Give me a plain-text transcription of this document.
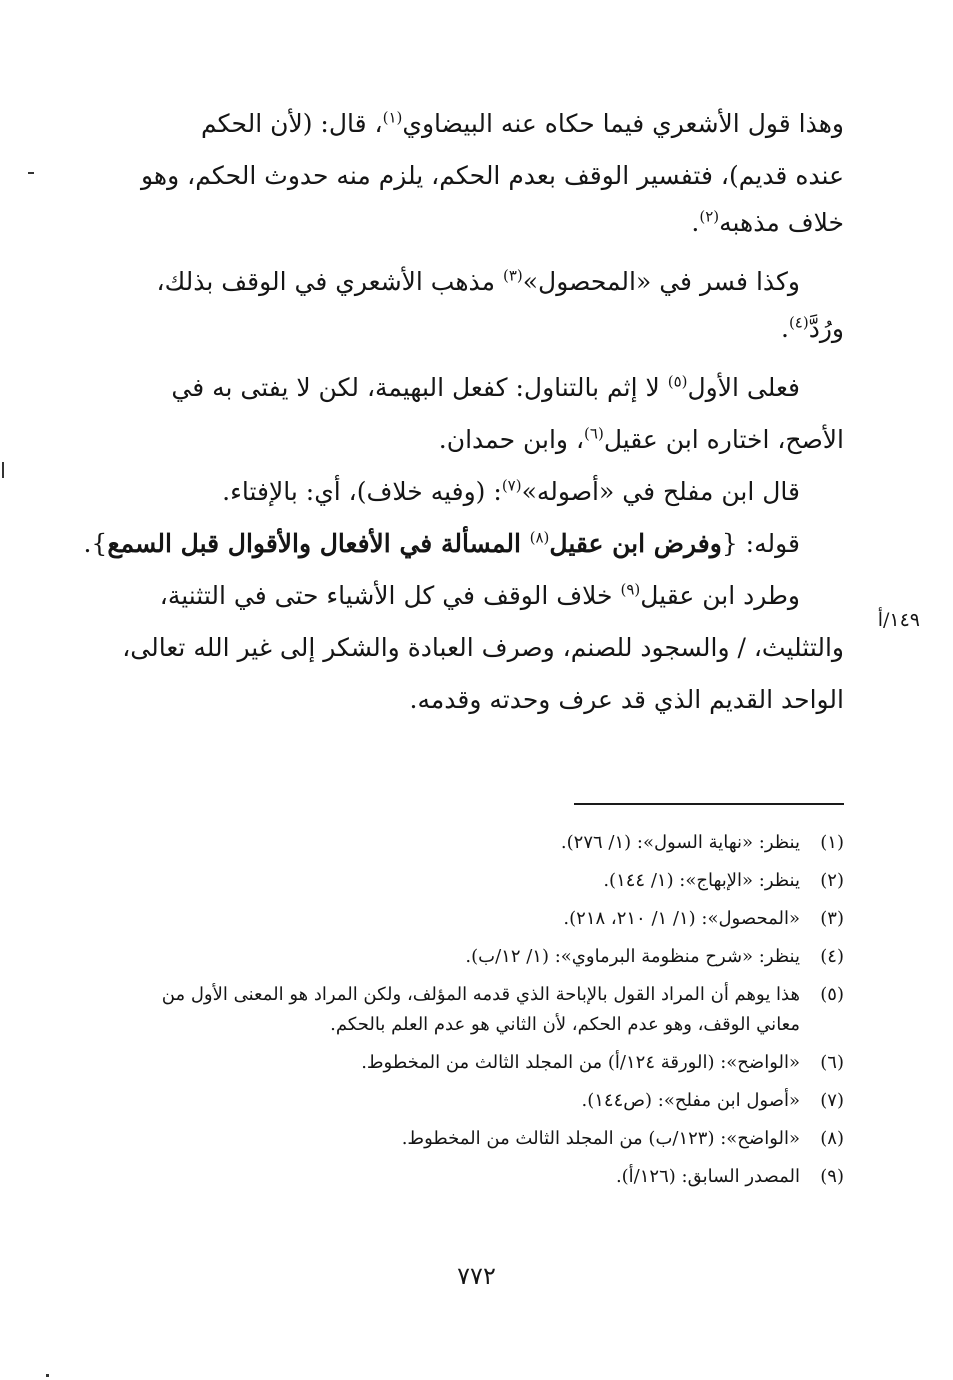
وهذا قول الأشعري فيما حكاه عنه البيضاوي$^{(١)}$، قال: (لأن الحكم
عنده قديم)، فتفسير الوقف بعدم الحكم، يلزم منه حدوث الحكم، وهو
خلاف مذهبه$^{(٢)}$.
وكذا فسر في «المحصول»$^{(٣)}$ مذهب الأشعري في الوقف بذلك،
ورُدَّ$^{(٤)}$.
فعلى الأول$^{(٥)}$ لا إثم بالتناول: كفعل البهيمة، لكن لا يفتى به في
الأصح، اختاره ابن عقيل$^{(٦)}$، وابن حمدان.
قال ابن مفلح في «أصوله»$^{(٧)}$: (وفيه خلاف)، أي: بالإفتاء.
قوله: {وفرض ابن عقيل$^{(٨)}$ المسألة في الأفعال والأقوال قبل السمع}.
وطرد ابن عقيل$^{(٩)}$ خلاف الوقف في كل الأشياء حتى في التثنية،
والتثليث، / والسجود للصنم، وصرف العبادة والشكر إلى غير الله تعالى،
الواحد القديم الذي قد عرف وحدته وقدمه.
١٤٩/أ
(١)
ينظر: «نهاية السول»: (١/ ٢٧٦).
(٢)
ينظر: «الإبهاج»: (١/ ١٤٤).
(٣)
«المحصول»: (١/ ١/ ٢١٠، ٢١٨).
(٤)
ينظر: «شرح منظومة البرماوي»: (١/ ١٢/ب).
(٥)
هذا يوهم أن المراد القول بالإباحة الذي قدمه المؤلف، ولكن المراد هو المعنى الأول من معاني الوقف، وهو عدم الحكم، لأن الثاني هو عدم العلم بالحكم.
(٦)
«الواضح»: (الورقة ١٢٤/أ) من المجلد الثالث من المخطوط.
(٧)
«أصول ابن مفلح»: (ص١٤٤).
(٨)
«الواضح»: (١٢٣/ب) من المجلد الثالث من المخطوط.
(٩)
المصدر السابق: (١٢٦/أ).
٧٧٢
